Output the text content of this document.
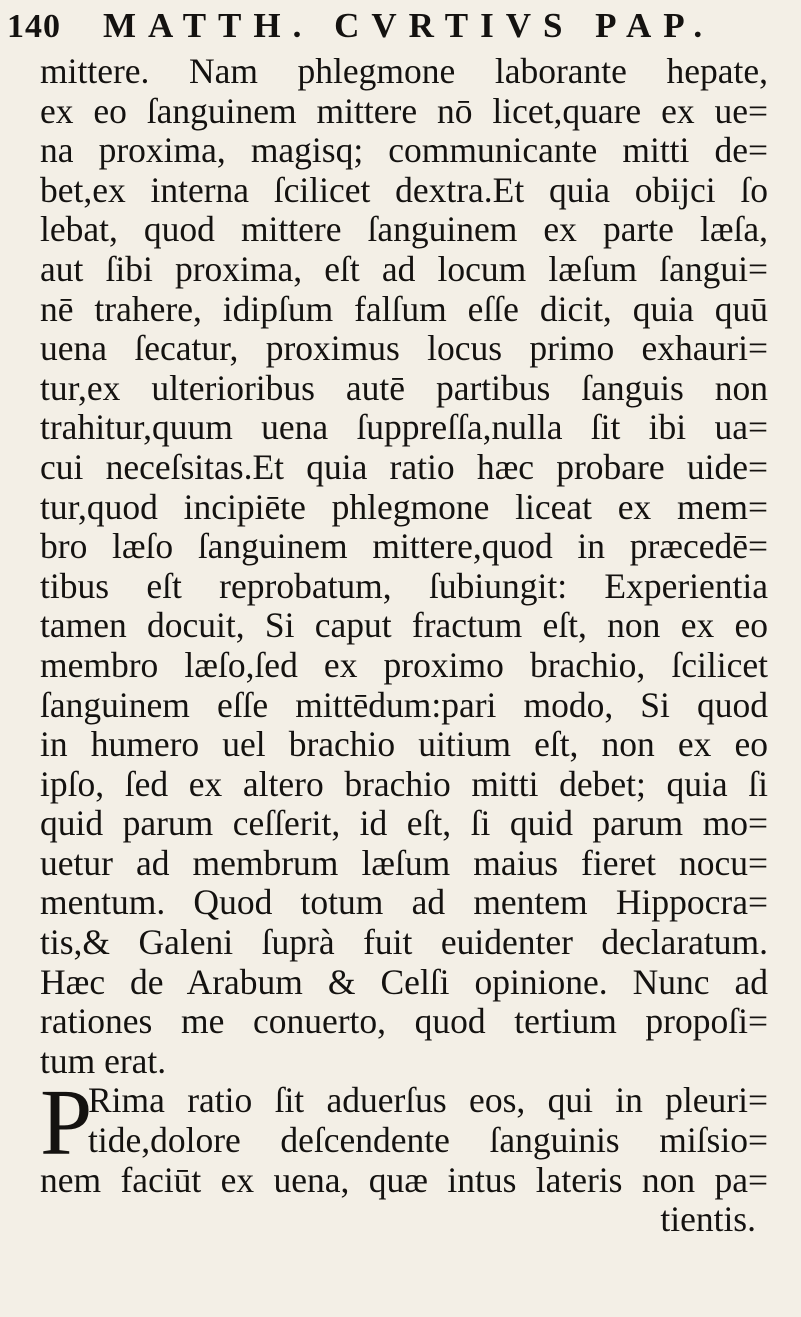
140 MATTH. CVRTIVS PAP.
mittere. Nam phlegmone laborante hepate,
ex eo ſanguinem mittere nō licet,quare ex ue=
na proxima, magisq; communicante mitti de=
bet,ex interna ſcilicet dextra.Et quia obijci ſo
lebat, quod mittere ſanguinem ex parte læſa,
aut ſibi proxima, eſt ad locum læſum ſangui=
nē trahere, idipſum falſum eſſe dicit, quia quū
uena ſecatur, proximus locus primo exhauri=
tur,ex ulterioribus autē partibus ſanguis non
trahitur,quum uena ſuppreſſa,nulla ſit ibi ua=
cui neceſsitas.Et quia ratio hæc probare uide=
tur,quod incipiēte phlegmone liceat ex mem=
bro læſo ſanguinem mittere,quod in præcedē=
tibus eſt reprobatum, ſubiungit: Experientia
tamen docuit, Si caput fractum eſt, non ex eo
membro læſo,ſed ex proximo brachio, ſcilicet
ſanguinem eſſe mittēdum:pari modo, Si quod
in humero uel brachio uitium eſt, non ex eo
ipſo, ſed ex altero brachio mitti debet; quia ſi
quid parum ceſſerit, id eſt, ſi quid parum mo=
uetur ad membrum læſum maius fieret nocu=
mentum. Quod totum ad mentem Hippocra=
tis,& Galeni ſuprà fuit euidenter declaratum.
Hæc de Arabum & Celſi opinione. Nunc ad
rationes me conuerto, quod tertium propoſi=
tum erat.
P
Rima ratio ſit aduerſus eos, qui in pleuri=
tide,dolore deſcendente ſanguinis miſsio=
nem faciūt ex uena, quæ intus lateris non pa=
tientis.
